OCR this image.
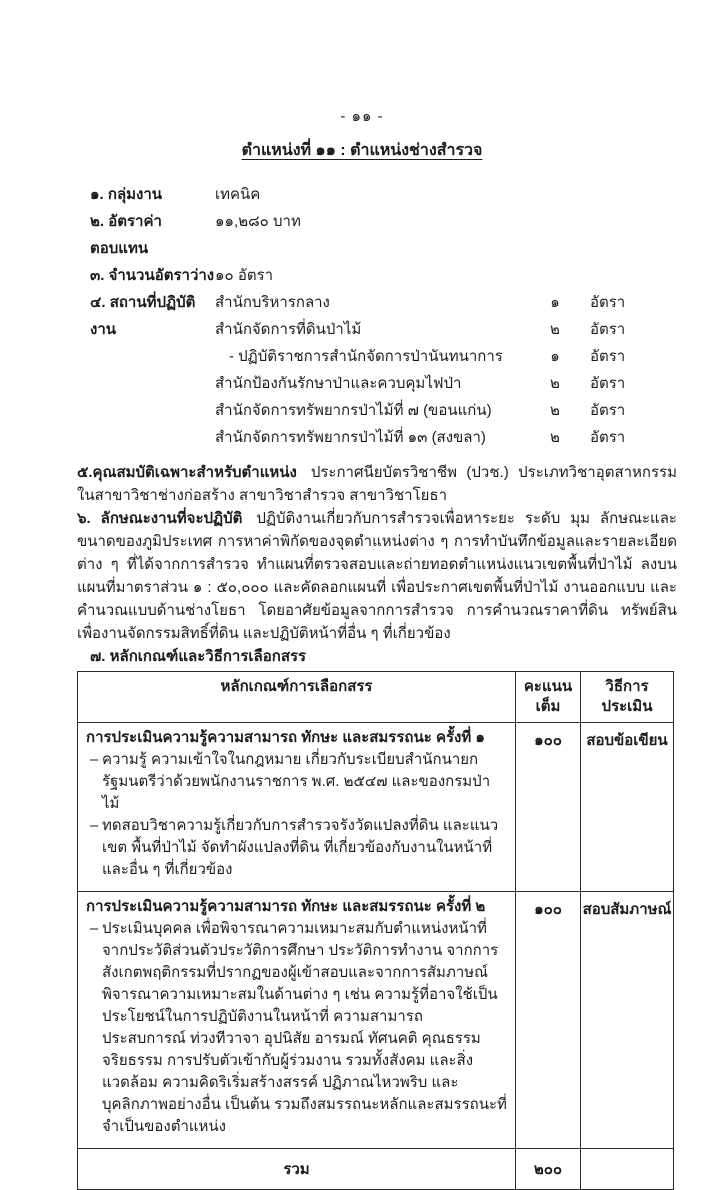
- ๑๑ -
ตำแหน่งที่ ๑๑ : ตำแหน่งช่างสำรวจ
๑. กลุ่มงาน	เทคนิค
๒. อัตราค่าตอบแทน
๑๑,๒๘๐ บาท
๓. จำนวนอัตราว่าง ๑๐ อัตรา
๔. สถานที่ปฏิบัติงาน
สำนักบริหารกลาง	๑	อัตรา
สำนักจัดการที่ดินป่าไม้	๒	อัตรา
- ปฏิบัติราชการสำนักจัดการป่านันทนาการ	๑	อัตรา
สำนักป้องกันรักษาป่าและควบคุมไฟป่า	๒	อัตรา
สำนักจัดการทรัพยากรป่าไม้ที่ ๗ (ขอนแก่น)	๒	อัตรา
สำนักจัดการทรัพยากรป่าไม้ที่ ๑๓ (สงขลา)	๒	อัตรา
๕.คุณสมบัติเฉพาะสำหรับตำแหน่ง ประกาศนียบัตรวิชาชีพ (ปวช.) ประเภทวิชาอุตสาหกรรม ในสาขาวิชาช่างก่อสร้าง สาขาวิชาสำรวจ สาขาวิชาโยธา
๖. ลักษณะงานที่จะปฏิบัติ ปฏิบัติงานเกี่ยวกับการสำรวจเพื่อหาระยะ ระดับ มุม ลักษณะและขนาดของภูมิประเทศ การหาค่าพิกัดของจุดตำแหน่งต่าง ๆ การทำบันทึกข้อมูลและรายละเอียดต่าง ๆ ที่ได้จากการสำรวจ ทำแผนที่ตรวจสอบและถ่ายทอดตำแหน่งแนวเขตพื้นที่ป่าไม้ ลงบนแผนที่มาตราส่วน ๑ : ๕๐,๐๐๐ และคัดลอกแผนที่ เพื่อประกาศเขตพื้นที่ป่าไม้ งานออกแบบ และคำนวณแบบด้านช่างโยธา โดยอาศัยข้อมูลจากการสำรวจ การคำนวณราคาที่ดิน ทรัพย์สิน เพื่องานจัดกรรมสิทธิ์ที่ดิน และปฏิบัติหน้าที่อื่น ๆ ที่เกี่ยวข้อง
๗. หลักเกณฑ์และวิธีการเลือกสรร
หลักเกณฑ์การเลือกสรร	คะแนนเต็ม	วิธีการประเมิน

การประเมินความรู้ความสามารถ ทักษะ และสมรรถนะ ครั้งที่ ๑
– ความรู้ ความเข้าใจในกฎหมาย เกี่ยวกับระเบียบสำนักนายกรัฐมนตรีว่าด้วยพนักงานราชการ พ.ศ. ๒๕๔๗ และของกรมป่าไม้
– ทดสอบวิชาความรู้เกี่ยวกับการสำรวจรังวัดแปลงที่ดิน และแนวเขต พื้นที่ป่าไม้ จัดทำผังแปลงที่ดิน ที่เกี่ยวข้องกับงานในหน้าที่ และอื่น ๆ ที่เกี่ยวข้อง	๑๐๐	สอบข้อเขียน

การประเมินความรู้ความสามารถ ทักษะ และสมรรถนะ ครั้งที่ ๒
– ประเมินบุคคล เพื่อพิจารณาความเหมาะสมกับตำแหน่งหน้าที่จากประวัติส่วนตัวประวัติการศึกษา ประวัติการทำงาน จากการสังเกตพฤติกรรมที่ปรากฏของผู้เข้าสอบและจากการสัมภาษณ์ พิจารณาความเหมาะสมในด้านต่าง ๆ เช่น ความรู้ที่อาจใช้เป็นประโยชน์ในการปฏิบัติงานในหน้าที่ ความสามารถ ประสบการณ์ ท่วงทีวาจา อุปนิสัย อารมณ์ ทัศนคติ คุณธรรม จริยธรรม การปรับตัวเข้ากับผู้ร่วมงาน รวมทั้งสังคม และสิ่งแวดล้อม ความคิดริเริ่มสร้างสรรค์ ปฏิภาณไหวพริบ และบุคลิกภาพอย่างอื่น เป็นต้น รวมถึงสมรรถนะหลักและสมรรถนะที่จำเป็นของตำแหน่ง	๑๐๐	สอบสัมภาษณ์
รวม	๒๐๐	
